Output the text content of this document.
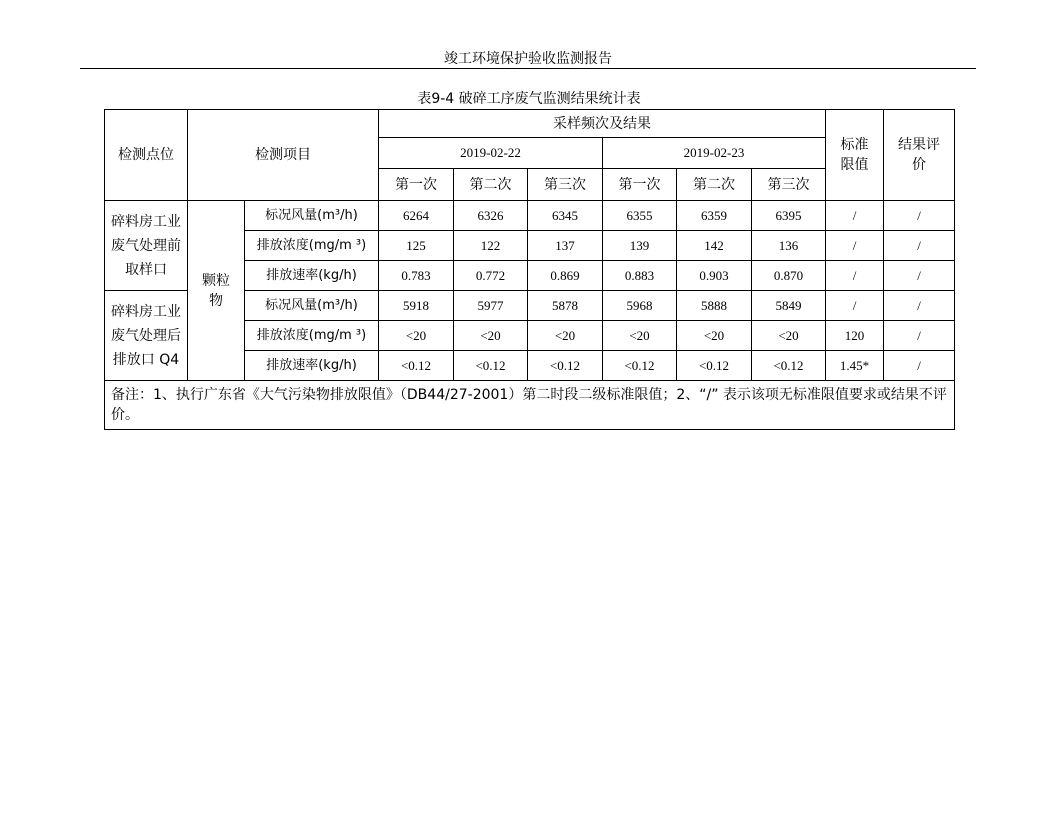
竣工环境保护验收监测报告
表9-4 破碎工序废气监测结果统计表
检测点位	检测项目		采样频次及结果						标准限值	结果评价
			2019-02-22			2019-02-23				
			第一次	第二次	第三次	第一次	第二次	第三次		
碎料房工业废气处理前取样口	颗粒物	标况风量(m³/h)	6264	6326	6345	6355	6359	6395	/	/
		排放浓度(mg/m ³)	125	122	137	139	142	136	/	/
		排放速率(kg/h)	0.783	0.772	0.869	0.883	0.903	0.870	/	/
碎料房工业废气处理后排放口 Q4		标况风量(m³/h)	5918	5977	5878	5968	5888	5849	/	/
		排放浓度(mg/m ³)	<20	<20	<20	<20	<20	<20	120	/
		排放速率(kg/h)	<0.12	<0.12	<0.12	<0.12	<0.12	<0.12	1.45*	/
备注：1、执行广东省《大气污染物排放限值》（DB44/27-2001）第二时段二级标准限值；2、“/” 表示该项无标准限值要求或结果不评价。										
